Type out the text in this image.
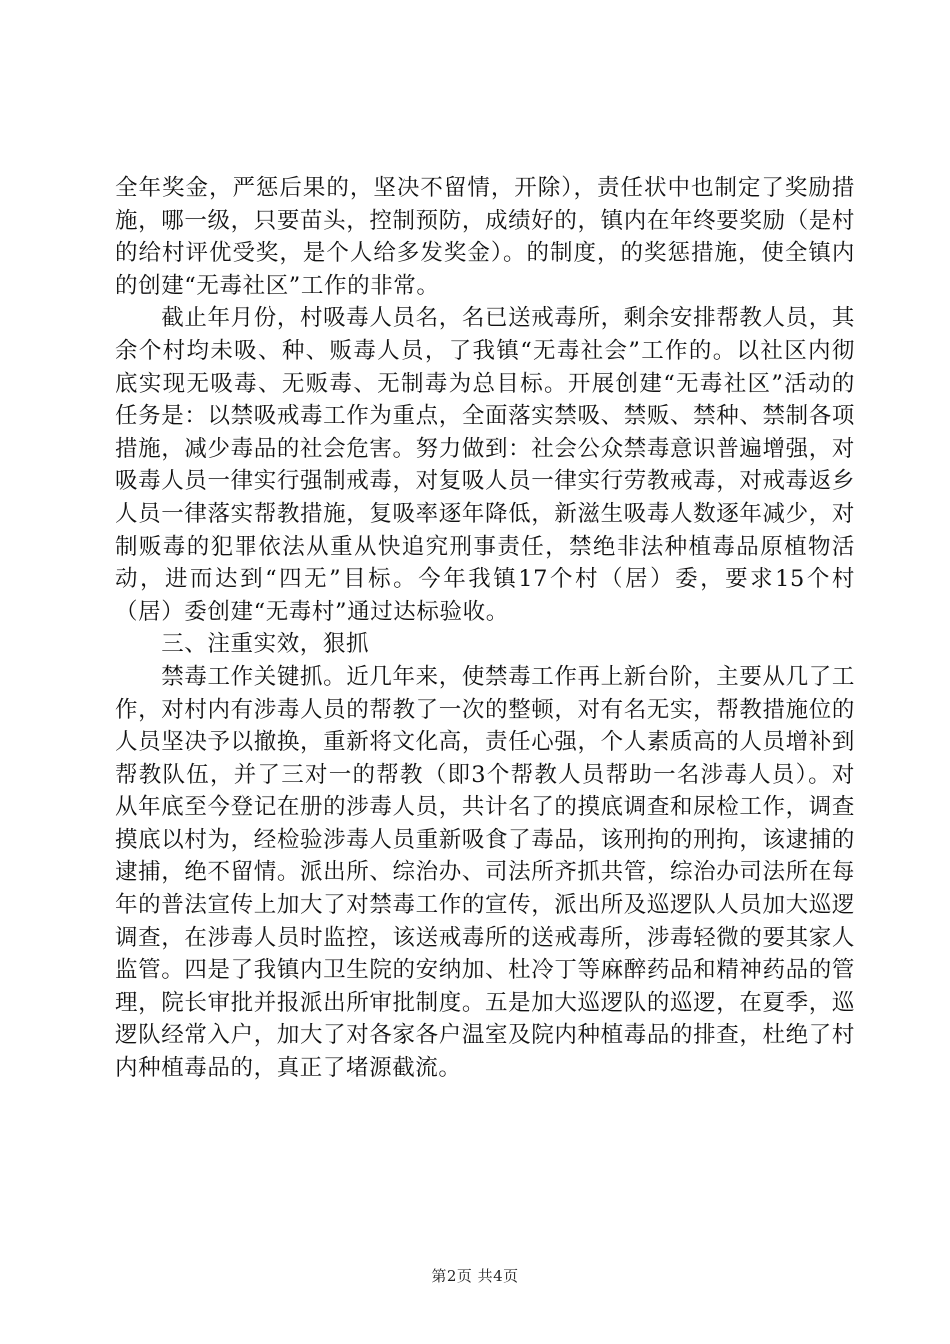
全年奖金，严惩后果的，坚决不留情，开除），责任状中也制定了奖励措施，哪一级，只要苗头，控制预防，成绩好的，镇内在年终要奖励（是村的给村评优受奖，是个人给多发奖金）。的制度，的奖惩措施，使全镇内的创建“无毒社区”工作的非常。

　　截止年月份，村吸毒人员名，名已送戒毒所，剩余安排帮教人员，其余个村均未吸、种、贩毒人员，了我镇“无毒社会”工作的。以社区内彻底实现无吸毒、无贩毒、无制毒为总目标。开展创建“无毒社区”活动的任务是：以禁吸戒毒工作为重点，全面落实禁吸、禁贩、禁种、禁制各项措施，减少毒品的社会危害。努力做到：社会公众禁毒意识普遍增强，对吸毒人员一律实行强制戒毒，对复吸人员一律实行劳教戒毒，对戒毒返乡人员一律落实帮教措施，复吸率逐年降低，新滋生吸毒人数逐年减少，对制贩毒的犯罪依法从重从快追究刑事责任，禁绝非法种植毒品原植物活动，进而达到“四无”目标。今年我镇17个村（居）委，要求15个村（居）委创建“无毒村”通过达标验收。

　　三、注重实效，狠抓

　　禁毒工作关键抓。近几年来，使禁毒工作再上新台阶，主要从几了工作，对村内有涉毒人员的帮教了一次的整顿，对有名无实，帮教措施位的人员坚决予以撤换，重新将文化高，责任心强，个人素质高的人员增补到帮教队伍，并了三对一的帮教（即3个帮教人员帮助一名涉毒人员）。对从年底至今登记在册的涉毒人员，共计名了的摸底调查和尿检工作，调查摸底以村为，经检验涉毒人员重新吸食了毒品，该刑拘的刑拘，该逮捕的逮捕，绝不留情。派出所、综治办、司法所齐抓共管，综治办司法所在每年的普法宣传上加大了对禁毒工作的宣传，派出所及巡逻队人员加大巡逻调查，在涉毒人员时监控，该送戒毒所的送戒毒所，涉毒轻微的要其家人监管。四是了我镇内卫生院的安纳加、杜冷丁等麻醉药品和精神药品的管理，院长审批并报派出所审批制度。五是加大巡逻队的巡逻，在夏季，巡逻队经常入户，加大了对各家各户温室及院内种植毒品的排查，杜绝了村内种植毒品的，真正了堵源截流。

第2页 共4页
